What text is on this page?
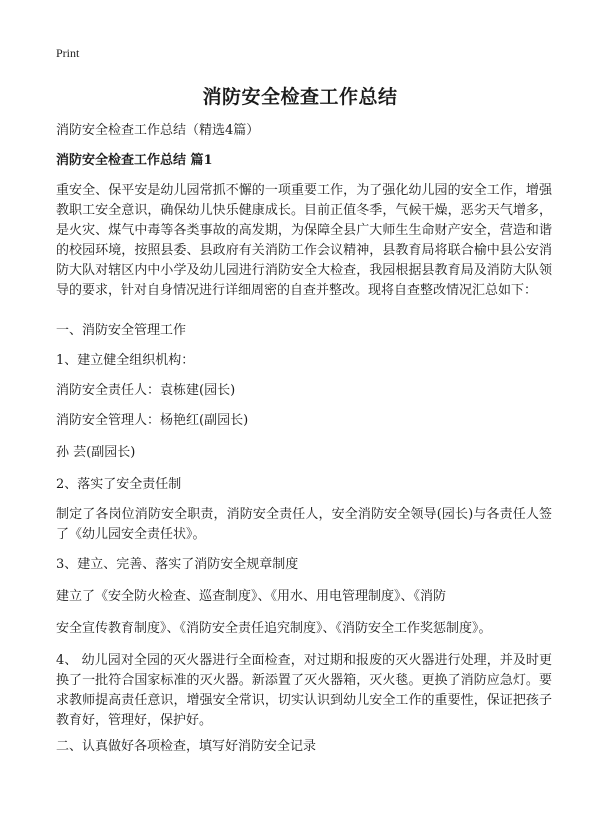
Print
消防安全检查工作总结

消防安全检查工作总结（精选4篇）

消防安全检查工作总结 篇1

重安全、保平安是幼儿园常抓不懈的一项重要工作，为了强化幼儿园的安全工作，增强教职工安全意识，确保幼儿快乐健康成长。目前正值冬季，气候干燥，恶劣天气增多，是火灾、煤气中毒等各类事故的高发期，为保障全县广大师生生命财产安全，营造和谐的校园环境，按照县委、县政府有关消防工作会议精神，县教育局将联合榆中县公安消防大队对辖区内中小学及幼儿园进行消防安全大检查，我园根据县教育局及消防大队领导的要求，针对自身情况进行详细周密的自查并整改。现将自查整改情况汇总如下：

一、消防安全管理工作

1、建立健全组织机构：

消防安全责任人：袁栋建(园长)

消防安全管理人：杨艳红(副园长)

孙 芸(副园长)

2、落实了安全责任制

制定了各岗位消防安全职责，消防安全责任人，安全消防安全领导(园长)与各责任人签了《幼儿园安全责任状》。

3、建立、完善、落实了消防安全规章制度

建立了《安全防火检查、巡查制度》、《用水、用电管理制度》、《消防

安全宣传教育制度》、《消防安全责任追究制度》、《消防安全工作奖惩制度》。

4、 幼儿园对全园的灭火器进行全面检查，对过期和报废的灭火器进行处理，并及时更换了一批符合国家标准的灭火器。新添置了灭火器箱，灭火毯。更换了消防应急灯。要求教师提高责任意识，增强安全常识，切实认识到幼儿安全工作的重要性，保证把孩子教育好，管理好，保护好。

二、认真做好各项检查，填写好消防安全记录
